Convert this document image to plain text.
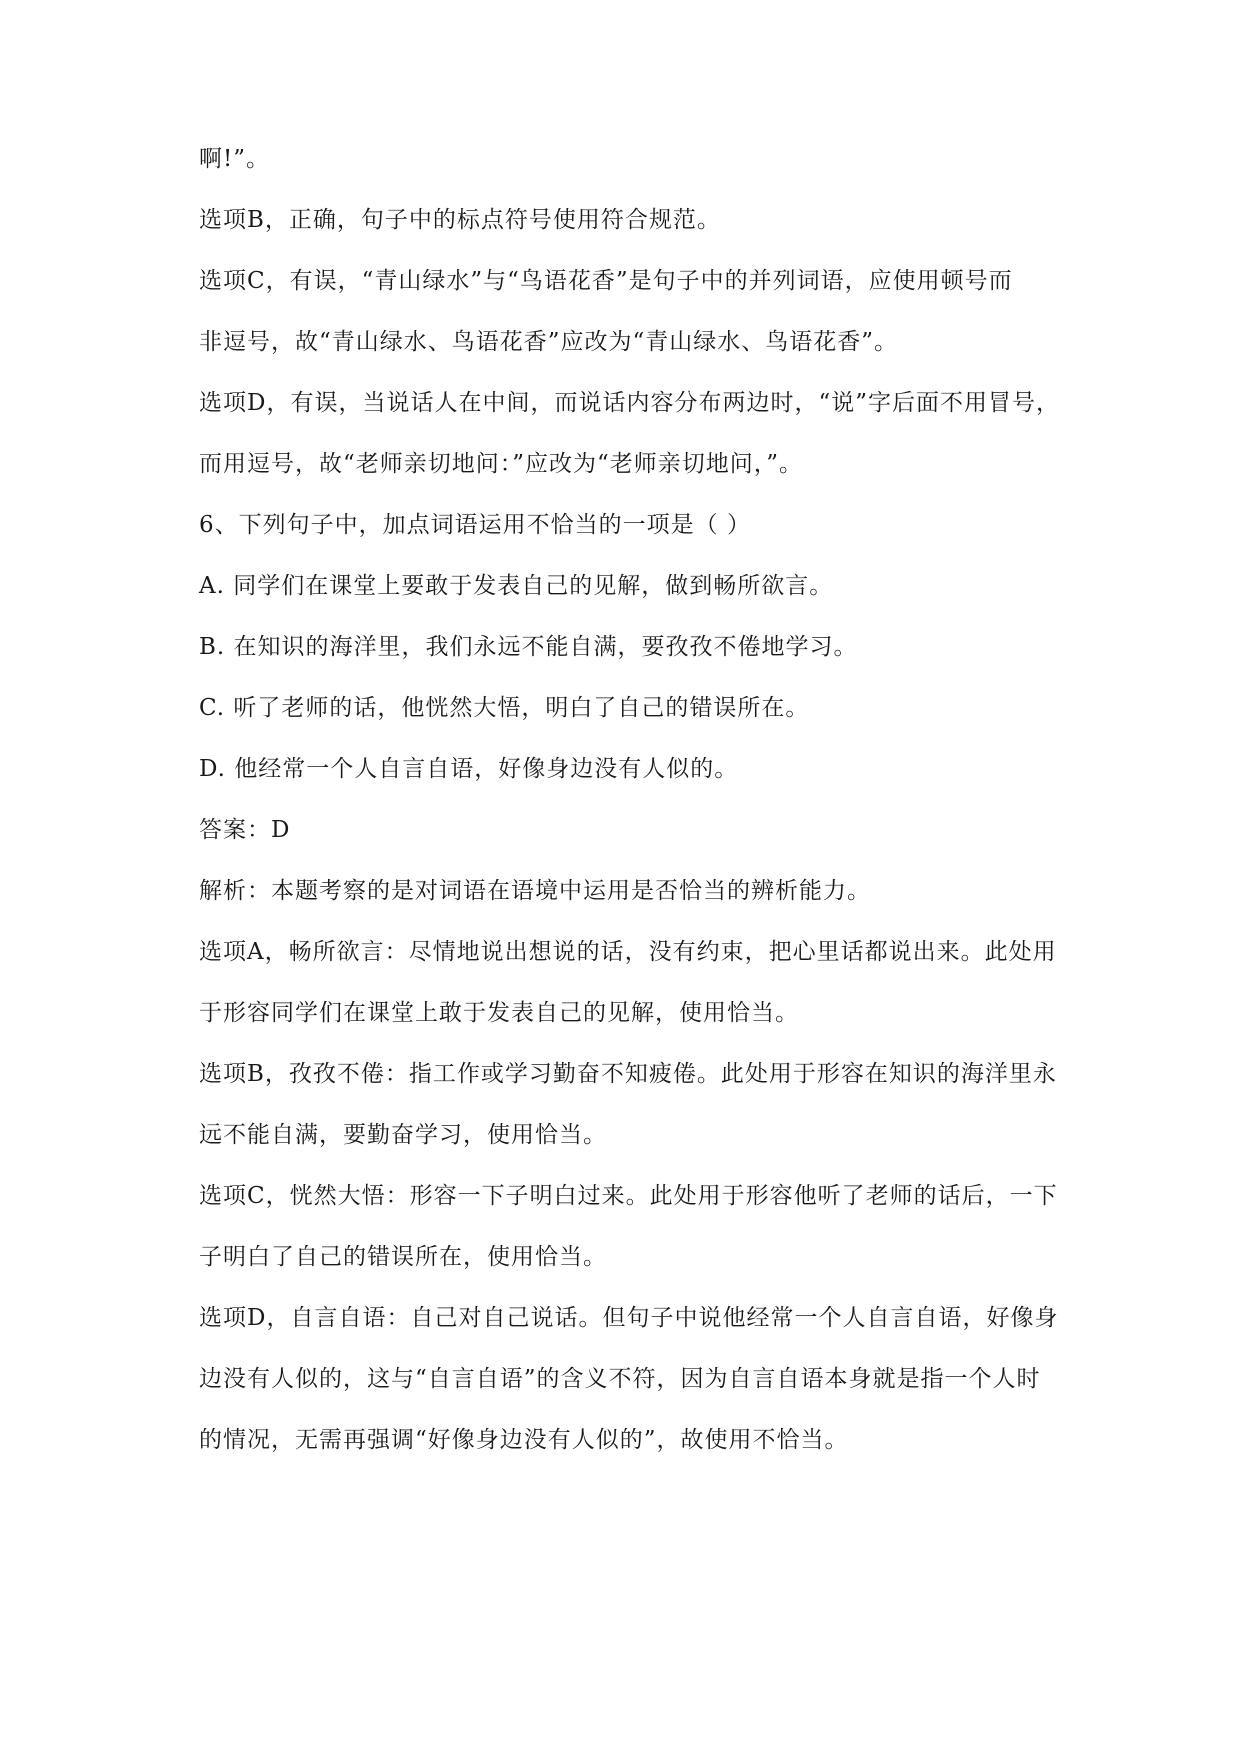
啊!”。
选项B，正确，句子中的标点符号使用符合规范。
选项C，有误，“青山绿水”与“鸟语花香”是句子中的并列词语，应使用顿号而
非逗号，故“青山绿水、鸟语花香”应改为“青山绿水、鸟语花香”。
选项D，有误，当说话人在中间，而说话内容分布两边时，“说”字后面不用冒号，
而用逗号，故“老师亲切地问：”应改为“老师亲切地问，”。
6、下列句子中，加点词语运用不恰当的一项是（ ）
A. 同学们在课堂上要敢于发表自己的见解，做到畅所欲言。
B. 在知识的海洋里，我们永远不能自满，要孜孜不倦地学习。
C. 听了老师的话，他恍然大悟，明白了自己的错误所在。
D. 他经常一个人自言自语，好像身边没有人似的。
答案：D
解析：本题考察的是对词语在语境中运用是否恰当的辨析能力。
选项A，畅所欲言：尽情地说出想说的话，没有约束，把心里话都说出来。此处用
于形容同学们在课堂上敢于发表自己的见解，使用恰当。
选项B，孜孜不倦：指工作或学习勤奋不知疲倦。此处用于形容在知识的海洋里永
远不能自满，要勤奋学习，使用恰当。
选项C，恍然大悟：形容一下子明白过来。此处用于形容他听了老师的话后，一下
子明白了自己的错误所在，使用恰当。
选项D，自言自语：自己对自己说话。但句子中说他经常一个人自言自语，好像身
边没有人似的，这与“自言自语”的含义不符，因为自言自语本身就是指一个人时
的情况，无需再强调“好像身边没有人似的”，故使用不恰当。
